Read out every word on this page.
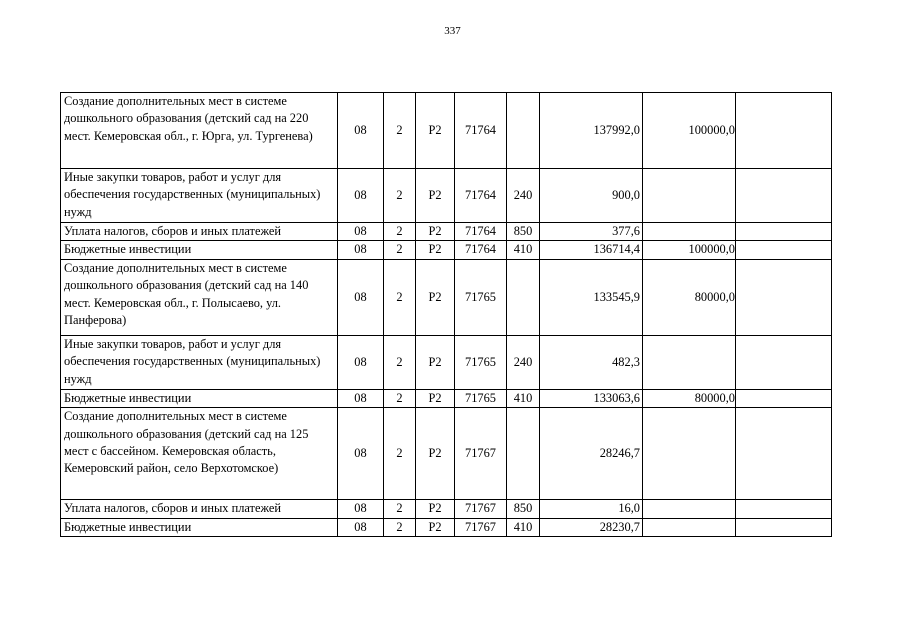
337
Создание дополнительных мест в системе дошкольного образования (детский сад на 220 мест. Кемеровская обл., г. Юрга, ул. Тургенева)	08	2	P2	71764		137992,0	100000,0	
Иные закупки товаров, работ и услуг для обеспечения государственных (муниципальных) нужд	08	2	P2	71764	240	900,0		
Уплата налогов, сборов и иных платежей	08	2	P2	71764	850	377,6		
Бюджетные инвестиции	08	2	P2	71764	410	136714,4	100000,0	
Создание дополнительных мест в системе дошкольного образования (детский сад на 140 мест. Кемеровская обл., г. Полысаево, ул. Панферова)	08	2	P2	71765		133545,9	80000,0	
Иные закупки товаров, работ и услуг для обеспечения государственных (муниципальных) нужд	08	2	P2	71765	240	482,3		
Бюджетные инвестиции	08	2	P2	71765	410	133063,6	80000,0	
Создание дополнительных мест в системе дошкольного образования (детский сад на 125 мест с бассейном. Кемеровская область, Кемеровский район, село Верхотомское)	08	2	P2	71767		28246,7		
Уплата налогов, сборов и иных платежей	08	2	P2	71767	850	16,0		
Бюджетные инвестиции	08	2	P2	71767	410	28230,7		
